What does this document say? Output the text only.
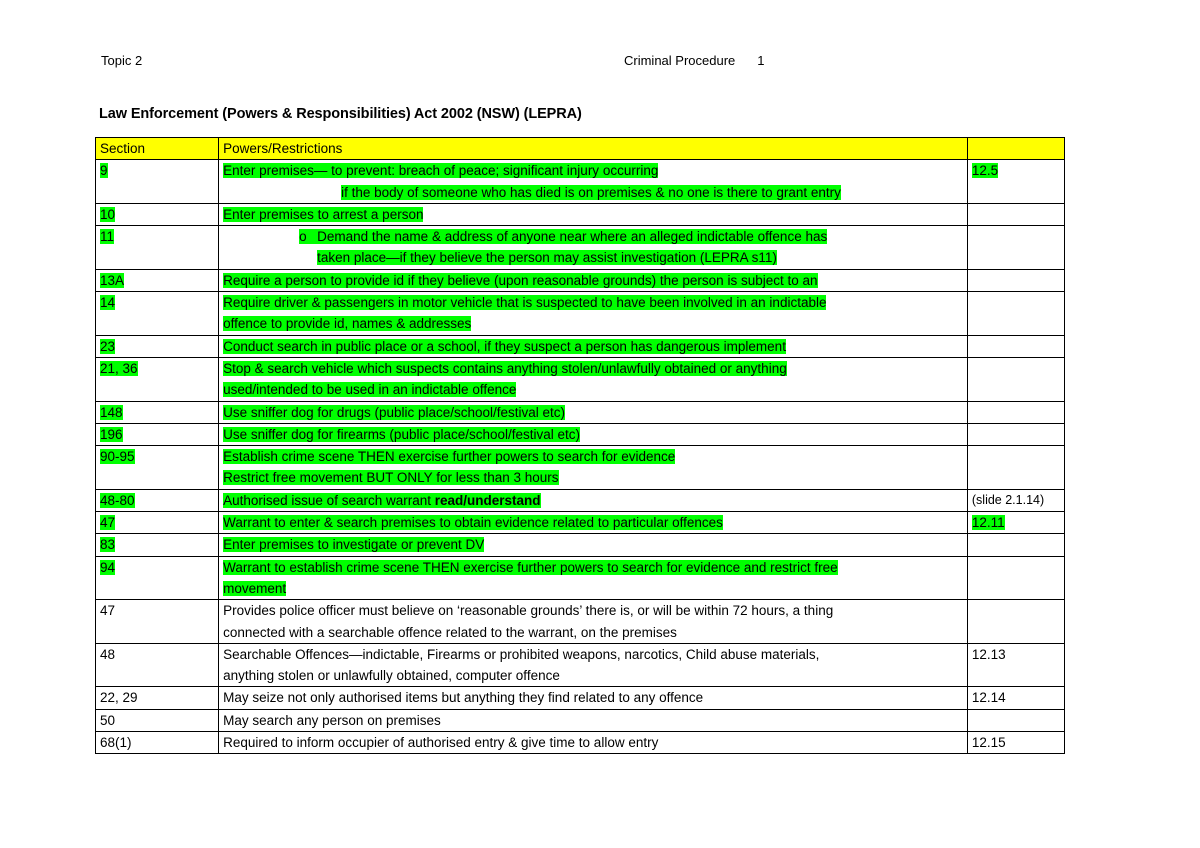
Topic 2	Criminal Procedure 1
Law Enforcement (Powers & Responsibilities) Act 2002 (NSW) (LEPRA)
Section	Powers/Restrictions	
9	Enter premises— to prevent: breach of peace; significant injury occurring
if the body of someone who has died is on premises & no one is there to grant entry	12.5
10	Enter premises to arrest a person	
11	o Demand the name & address of anyone near where an alleged indictable offence has
taken place—if they believe the person may assist investigation (LEPRA s11)	

13A	Require a person to provide id if they believe (upon reasonable grounds) the person is subject to an	
14	Require driver & passengers in motor vehicle that is suspected to have been involved in an indictable
offence to provide id, names & addresses	

23	Conduct search in public place or a school, if they suspect a person has dangerous implement	
21, 36	Stop & search vehicle which suspects contains anything stolen/unlawfully obtained or anything
used/intended to be used in an indictable offence	

148	Use sniffer dog for drugs (public place/school/festival etc)	
196	Use sniffer dog for firearms (public place/school/festival etc)	
90-95	Establish crime scene THEN exercise further powers to search for evidence
Restrict free movement BUT ONLY for less than 3 hours	

48-80	Authorised issue of search warrant read/understand	(slide 2.1.14)
47	Warrant to enter & search premises to obtain evidence related to particular offences	12.11
83	Enter premises to investigate or prevent DV	
94	Warrant to establish crime scene THEN exercise further powers to search for evidence and restrict free
movement	

47	Provides police officer must believe on ‘reasonable grounds’ there is, or will be within 72 hours, a thing
connected with a searchable offence related to the warrant, on the premises	

48	Searchable Offences—indictable, Firearms or prohibited weapons, narcotics, Child abuse materials,
anything stolen or unlawfully obtained, computer offence	12.13
22, 29	May seize not only authorised items but anything they find related to any offence	12.14
50	May search any person on premises	
68(1)	Required to inform occupier of authorised entry & give time to allow entry	12.15
